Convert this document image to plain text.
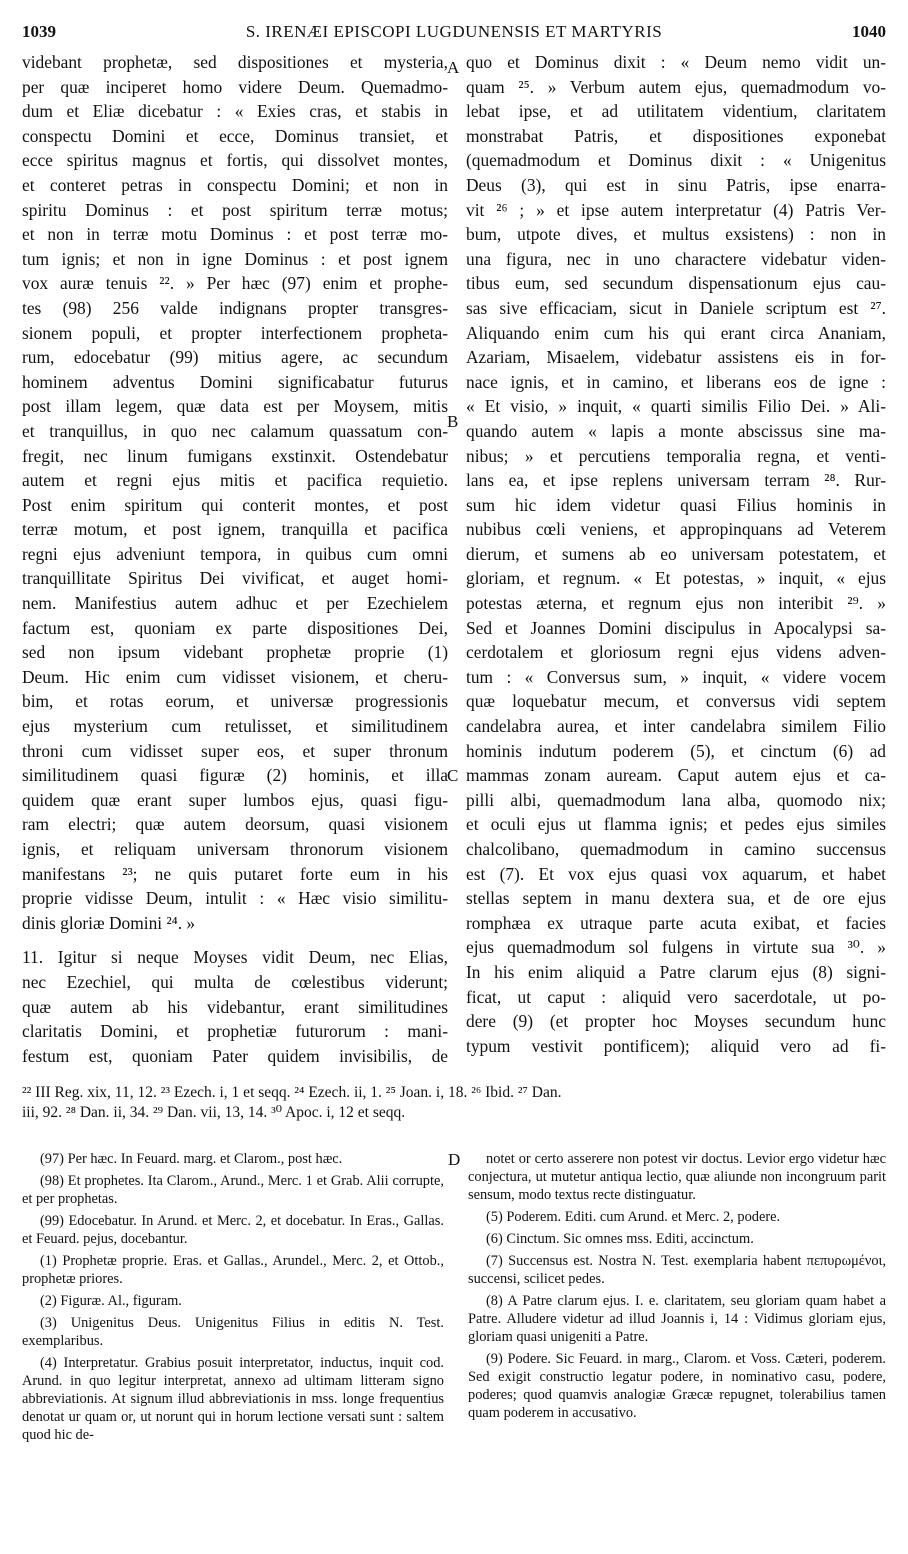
1039	S. IRENÆI EPISCOPI LUGDUNENSIS ET MARTYRIS	1040
A
B
C
D
videbant prophetæ, sed dispositiones et mysteria,
per quæ inciperet homo videre Deum. Quemadmo-
dum et Eliæ dicebatur : « Exies cras, et stabis in
conspectu Domini et ecce, Dominus transiet, et
ecce spiritus magnus et fortis, qui dissolvet montes,
et conteret petras in conspectu Domini; et non in
spiritu Dominus : et post spiritum terræ motus;
et non in terræ motu Dominus : et post terræ mo-
tum ignis; et non in igne Dominus : et post ignem
vox auræ tenuis ²². » Per hæc (97) enim et prophe-
tes (98) 256 valde indignans propter transgres-
sionem populi, et propter interfectionem propheta-
rum, edocebatur (99) mitius agere, ac secundum
hominem adventus Domini significabatur futurus
post illam legem, quæ data est per Moysem, mitis
et tranquillus, in quo nec calamum quassatum con-
fregit, nec linum fumigans exstinxit. Ostendebatur
autem et regni ejus mitis et pacifica requietio.
Post enim spiritum qui conterit montes, et post
terræ motum, et post ignem, tranquilla et pacifica
regni ejus adveniunt tempora, in quibus cum omni
tranquillitate Spiritus Dei vivificat, et auget homi-
nem. Manifestius autem adhuc et per Ezechielem
factum est, quoniam ex parte dispositiones Dei,
sed non ipsum videbant prophetæ proprie (1)
Deum. Hic enim cum vidisset visionem, et cheru-
bim, et rotas eorum, et universæ progressionis
ejus mysterium cum retulisset, et similitudinem
throni cum vidisset super eos, et super thronum
similitudinem quasi figuræ (2) hominis, et illa
quidem quæ erant super lumbos ejus, quasi figu-
ram electri; quæ autem deorsum, quasi visionem
ignis, et reliquam universam thronorum visionem
manifestans ²³; ne quis putaret forte eum in his
proprie vidisse Deum, intulit : « Hæc visio similitu-
dinis gloriæ Domini ²⁴. »
11. Igitur si neque Moyses vidit Deum, nec Elias,
nec Ezechiel, qui multa de cœlestibus viderunt;
quæ autem ab his videbantur, erant similitudines
claritatis Domini, et prophetiæ futurorum : mani-
festum est, quoniam Pater quidem invisibilis, de
quo et Dominus dixit : « Deum nemo vidit un-
quam ²⁵. » Verbum autem ejus, quemadmodum vo-
lebat ipse, et ad utilitatem videntium, claritatem
monstrabat Patris, et dispositiones exponebat
(quemadmodum et Dominus dixit : « Unigenitus
Deus (3), qui est in sinu Patris, ipse enarra-
vit ²⁶ ; » et ipse autem interpretatur (4) Patris Ver-
bum, utpote dives, et multus exsistens) : non in
una figura, nec in uno charactere videbatur viden-
tibus eum, sed secundum dispensationum ejus cau-
sas sive efficaciam, sicut in Daniele scriptum est ²⁷.
Aliquando enim cum his qui erant circa Ananiam,
Azariam, Misaelem, videbatur assistens eis in for-
nace ignis, et in camino, et liberans eos de igne :
« Et visio, » inquit, « quarti similis Filio Dei. » Ali-
quando autem « lapis a monte abscissus sine ma-
nibus; » et percutiens temporalia regna, et venti-
lans ea, et ipse replens universam terram ²⁸. Rur-
sum hic idem videtur quasi Filius hominis in
nubibus cœli veniens, et appropinquans ad Veterem
dierum, et sumens ab eo universam potestatem, et
gloriam, et regnum. « Et potestas, » inquit, « ejus
potestas æterna, et regnum ejus non interibit ²⁹. »
Sed et Joannes Domini discipulus in Apocalypsi sa-
cerdotalem et gloriosum regni ejus videns adven-
tum : « Conversus sum, » inquit, « videre vocem
quæ loquebatur mecum, et conversus vidi septem
candelabra aurea, et inter candelabra similem Filio
hominis indutum poderem (5), et cinctum (6) ad
mammas zonam auream. Caput autem ejus et ca-
pilli albi, quemadmodum lana alba, quomodo nix;
et oculi ejus ut flamma ignis; et pedes ejus similes
chalcolibano, quemadmodum in camino succensus
est (7). Et vox ejus quasi vox aquarum, et habet
stellas septem in manu dextera sua, et de ore ejus
romphæa ex utraque parte acuta exibat, et facies
ejus quemadmodum sol fulgens in virtute sua ³⁰. »
In his enim aliquid a Patre clarum ejus (8) signi-
ficat, ut caput : aliquid vero sacerdotale, ut po-
dere (9) (et propter hoc Moyses secundum hunc
typum vestivit pontificem); aliquid vero ad fi-
²² III Reg. xix, 11, 12. ²³ Ezech. i, 1 et seqq. ²⁴ Ezech. ii, 1. ²⁵ Joan. i, 18. ²⁶ Ibid. ²⁷ Dan.
iii, 92. ²⁸ Dan. ii, 34. ²⁹ Dan. vii, 13, 14. ³⁰ Apoc. i, 12 et seqq.

(97) Per hæc. In Feuard. marg. et Clarom., post hæc.

(98) Et prophetes. Ita Clarom., Arund., Merc. 1 et Grab. Alii corrupte, et per prophetas.

(99) Edocebatur. In Arund. et Merc. 2, et docebatur. In Eras., Gallas. et Feuard. pejus, docebantur.

(1) Prophetæ proprie. Eras. et Gallas., Arundel., Merc. 2, et Ottob., prophetæ priores.

(2) Figuræ. Al., figuram.

(3) Unigenitus Deus. Unigenitus Filius in editis N. Test. exemplaribus.

(4) Interpretatur. Grabius posuit interpretator, inductus, inquit cod. Arund. in quo legitur interpretat, annexo ad ultimam litteram signo abbreviationis. At signum illud abbreviationis in mss. longe frequentius denotat ur quam or, ut norunt qui in horum lectione versati sunt : saltem quod hic de-

notet or certo asserere non potest vir doctus. Levior ergo videtur hæc conjectura, ut mutetur antiqua lectio, quæ aliunde non incongruum parit sensum, modo textus recte distinguatur.

(5) Poderem. Editi. cum Arund. et Merc. 2, podere.

(6) Cinctum. Sic omnes mss. Editi, accinctum.

(7) Succensus est. Nostra N. Test. exemplaria habent πεπυρωμένοι, succensi, scilicet pedes.

(8) A Patre clarum ejus. I. e. claritatem, seu gloriam quam habet a Patre. Alludere videtur ad illud Joannis i, 14 : Vidimus gloriam ejus, gloriam quasi unigeniti a Patre.

(9) Podere. Sic Feuard. in marg., Clarom. et Voss. Cæteri, poderem. Sed exigit constructio legatur podere, in nominativo casu, podere, poderes; quod quamvis analogiæ Græcæ repugnet, tolerabilius tamen quam poderem in accusativo.
